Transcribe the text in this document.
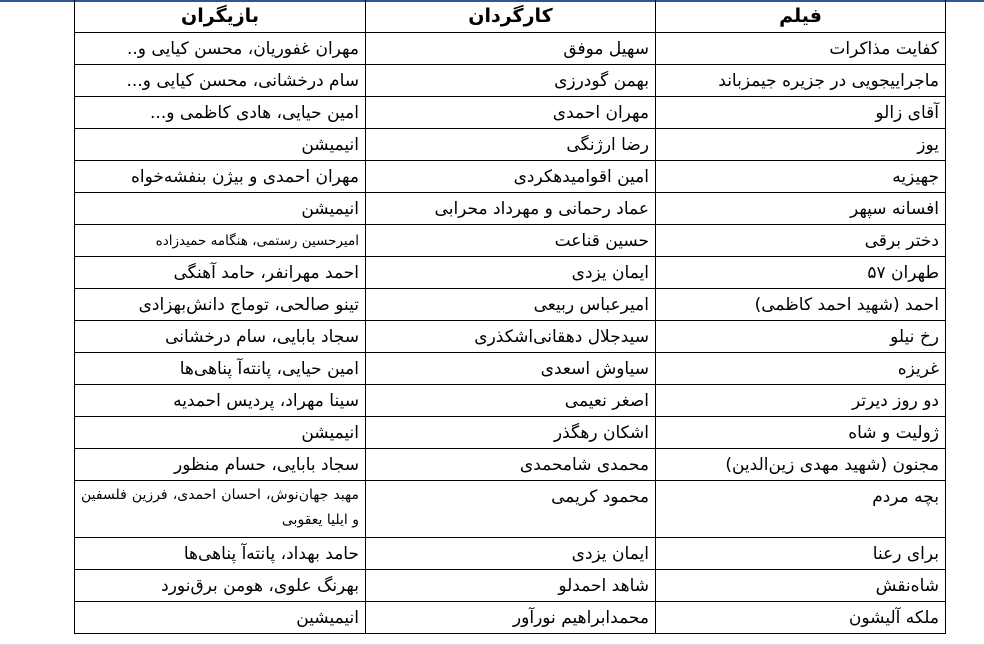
فیلم	کارگردان	بازیگران
کفایت مذاکرات	سهیل موفق	مهران غفوریان، محسن کیایی و..
ماجراییجویی در جزیره جیمزباند	بهمن گودرزی	سام درخشانی، محسن کیایی و...
آقای زالو	مهران احمدی	امین حیایی، هادی کاظمی و...
یوز	رضا ارژنگی	انیمیشن
جهیزیه	امین اقوامیدهکردی	مهران احمدی و بیژن بنفشه‌خواه
افسانه سپهر	عماد رحمانی و مهرداد محرابی	انیمیشن
دختر برقی	حسین قناعت	امیرحسین رستمی، هنگامه حمیدزاده
طهران ۵۷	ایمان یزدی	احمد مهرانفر، حامد آهنگی
احمد (شهید احمد کاظمی)	امیرعباس ربیعی	تینو صالحی، توماج دانش‌بهزادی
رخ نیلو	سیدجلال دهقانی‌اشکذری	سجاد بابایی، سام درخشانی
غریزه	سیاوش اسعدی	امین حیایی، پانته‌آ پناهی‌ها
دو روز دیرتر	اصغر نعیمی	سینا مهراد، پردیس احمدیه
ژولیت و شاه	اشکان رهگذر	انیمیشن
مجنون (شهید مهدی زین‌الدین)	محمدی شامحمدی	سجاد بابایی، حسام منظور
بچه مردم	محمود کریمی	مهبد جهان‌نوش، احسان احمدی، فرزین فلسفین و ایلیا یعقوبی
برای رعنا	ایمان یزدی	حامد بهداد، پانته‌آ پناهی‌ها
شاه‌نقش	شاهد احمدلو	بهرنگ علوی، هومن برق‌نورد
ملکه آلیشون	محمدابراهیم نورآور	انیمیشین
